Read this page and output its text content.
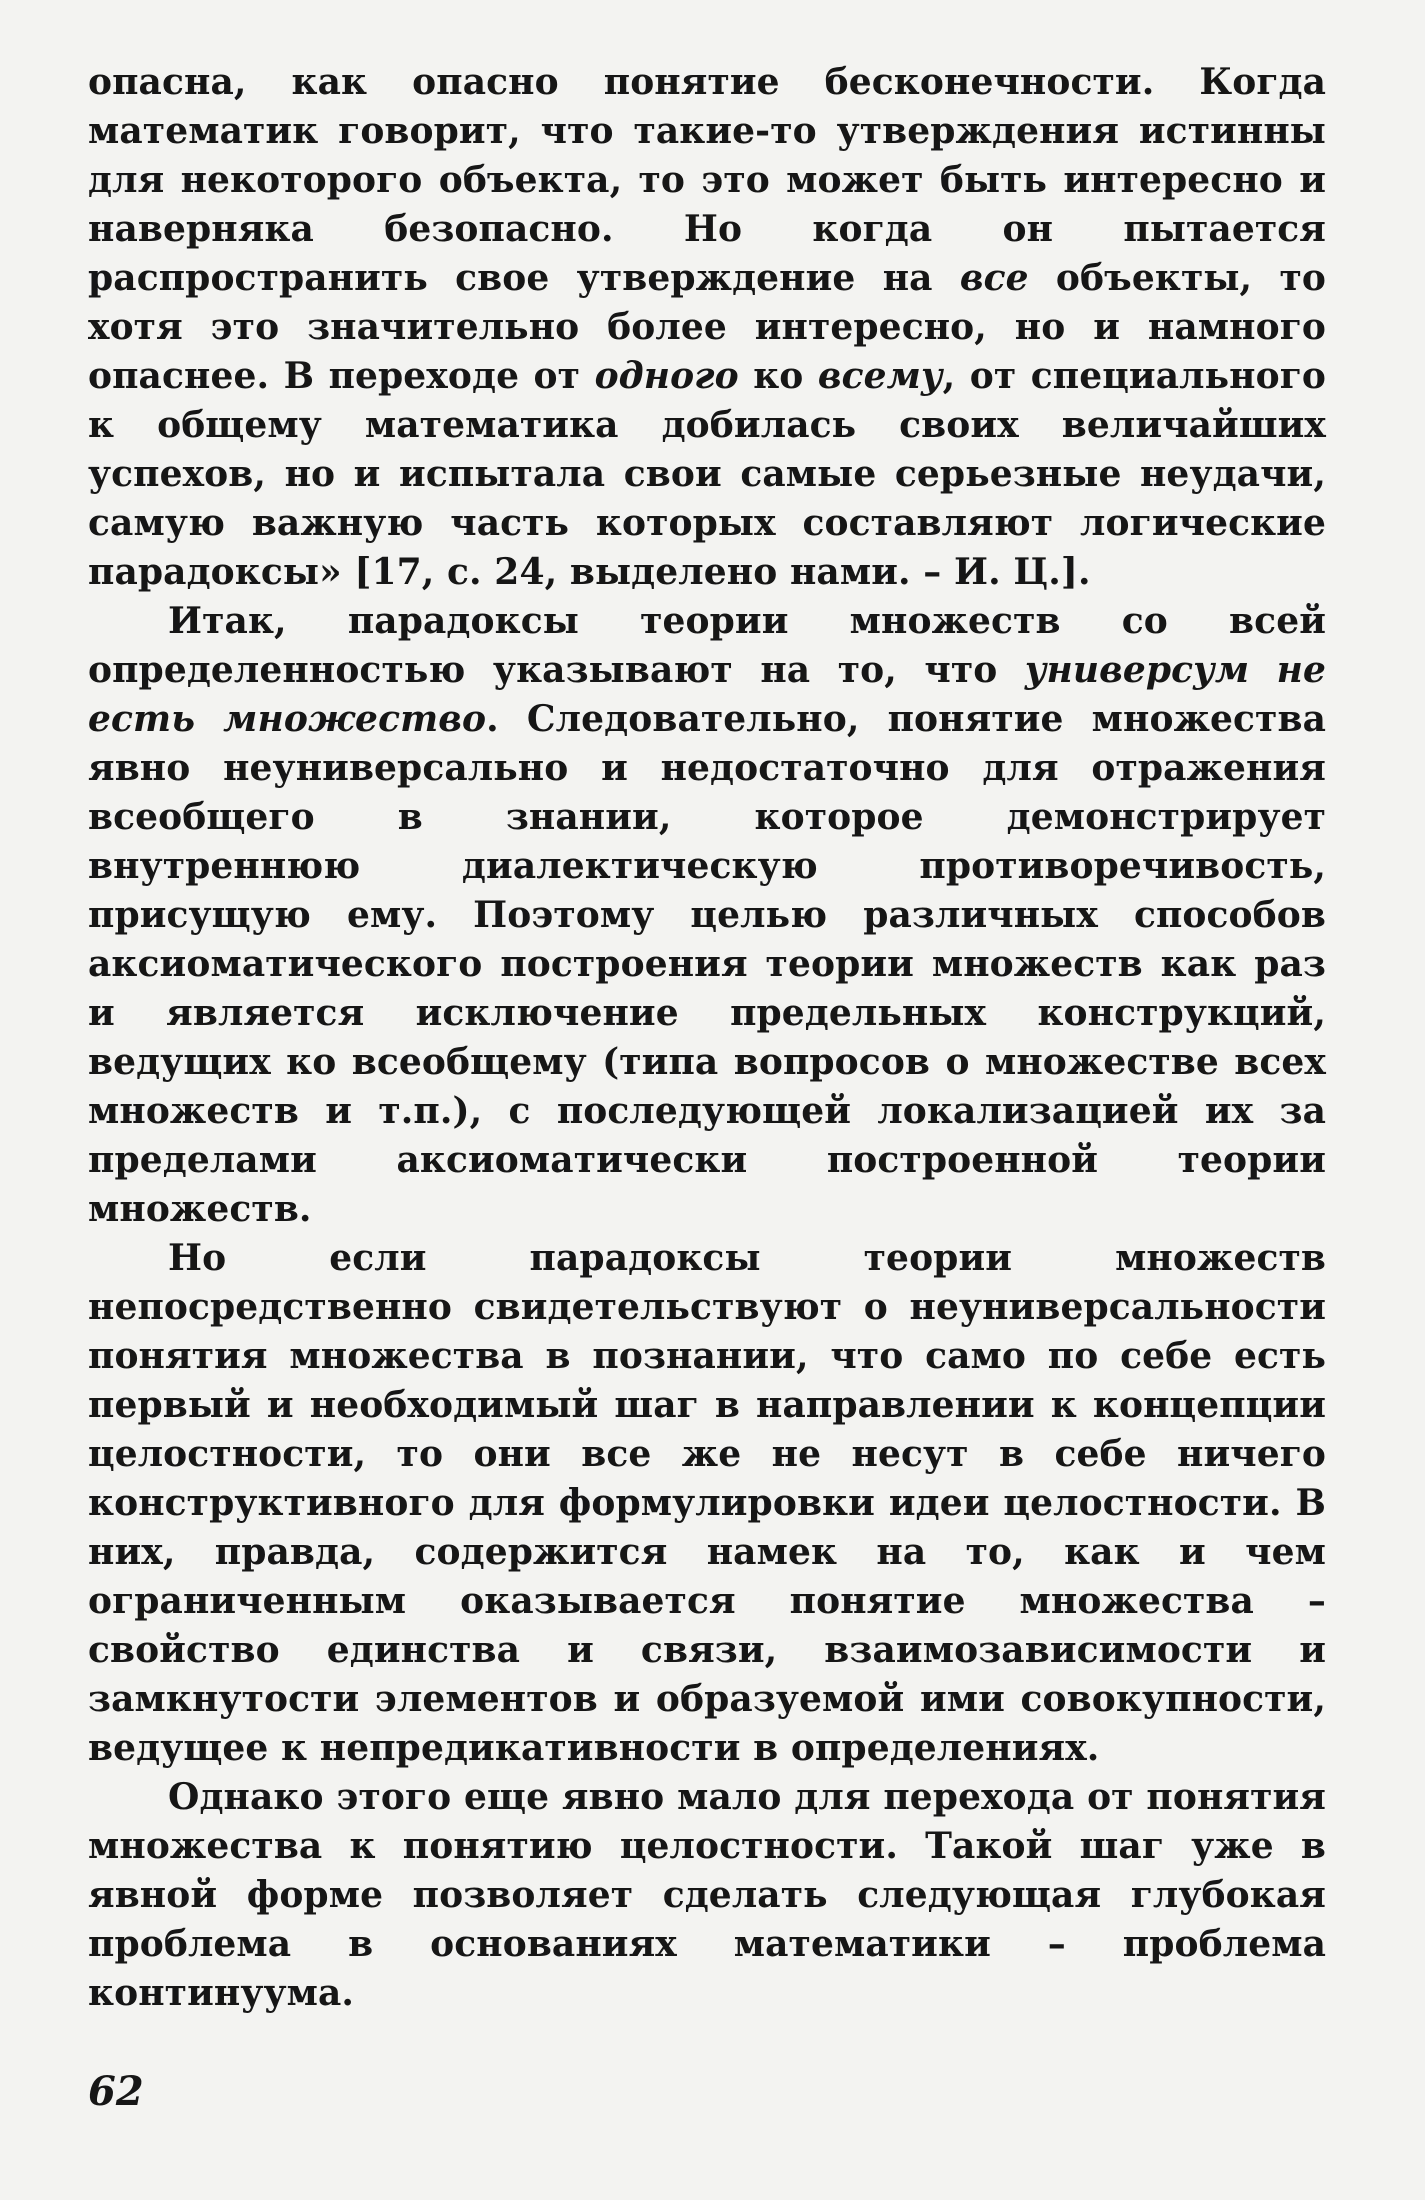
опасна, как опасно понятие бесконечности. Когда математик говорит, что такие-то утверждения истинны для некоторого объекта, то это может быть интересно и наверняка безопасно. Но когда он пытается распространить свое утверждение на все объекты, то хотя это значительно более интересно, но и намного опаснее. В переходе от одного ко всему, от специального к общему математика добилась своих величайших успехов, но и испытала свои самые серьезные неудачи, самую важную часть которых составляют логические парадоксы» [17, с. 24, выделено нами. – И. Ц.].

Итак, парадоксы теории множеств со всей определенностью указывают на то, что универсум не есть множество. Следовательно, понятие множества явно неуниверсально и недостаточно для отражения всеобщего в знании, которое демонстрирует внутреннюю диалектическую противоречивость, присущую ему. Поэтому целью различных способов аксиоматического построения теории множеств как раз и является исключение предельных конструкций, ведущих ко всеобщему (типа вопросов о множестве всех множеств и т.п.), с последующей локализацией их за пределами аксиоматически построенной теории множеств.

Но если парадоксы теории множеств непосредственно свидетельствуют о неуниверсальности понятия множества в познании, что само по себе есть первый и необходимый шаг в направлении к концепции целостности, то они все же не несут в себе ничего конструктивного для формулировки идеи целостности. В них, правда, содержится намек на то, как и чем ограниченным оказывается понятие множества – свойство единства и связи, взаимозависимости и замкнутости элементов и образуемой ими совокупности, ведущее к непредикативности в определениях.

Однако этого еще явно мало для перехода от понятия множества к понятию целостности. Такой шаг уже в явной форме позволяет сделать следующая глубокая проблема в основаниях математики – проблема континуума.

62
